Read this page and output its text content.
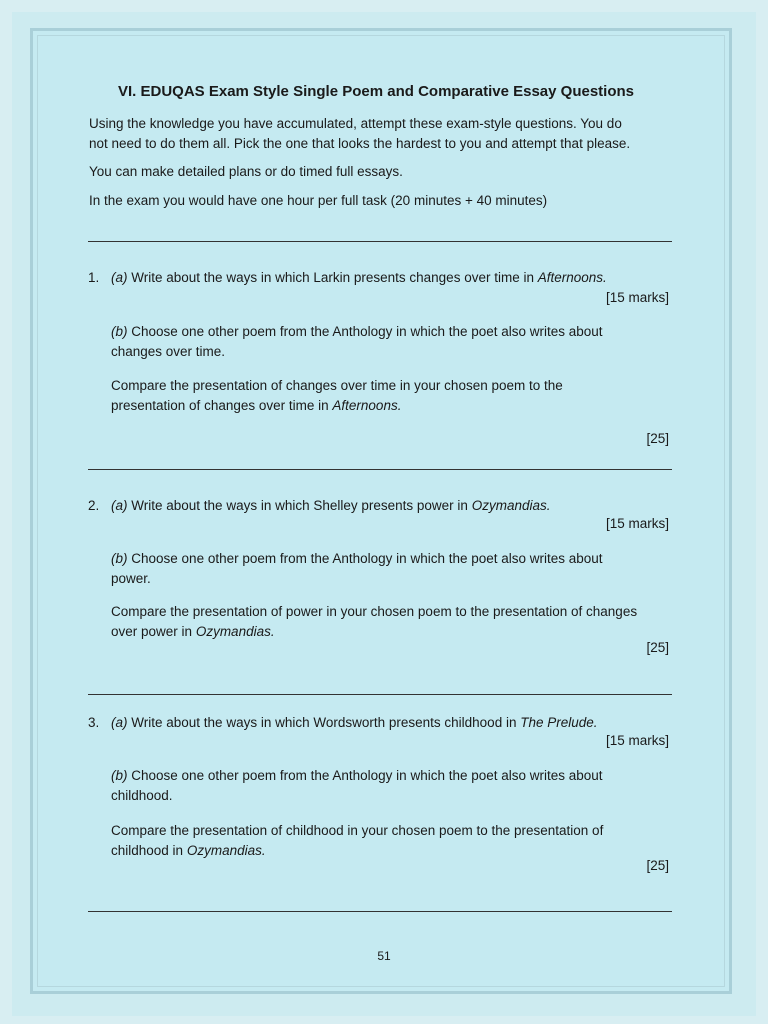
VI. EDUQAS Exam Style Single Poem and Comparative Essay Questions
Using the knowledge you have accumulated, attempt these exam-style questions. You do
not need to do them all. Pick the one that looks the hardest to you and attempt that please.
You can make detailed plans or do timed full essays.
In the exam you would have one hour per full task (20 minutes + 40 minutes)
1. (a) Write about the ways in which Larkin presents changes over time in Afternoons.
[15 marks]
(b) Choose one other poem from the Anthology in which the poet also writes about
changes over time.
Compare the presentation of changes over time in your chosen poem to the
presentation of changes over time in Afternoons.
[25]
2. (a) Write about the ways in which Shelley presents power in Ozymandias.
[15 marks]
(b) Choose one other poem from the Anthology in which the poet also writes about
power.
Compare the presentation of power in your chosen poem to the presentation of changes
over power in Ozymandias.
[25]
3. (a) Write about the ways in which Wordsworth presents childhood in The Prelude.
[15 marks]
(b) Choose one other poem from the Anthology in which the poet also writes about
childhood.
Compare the presentation of childhood in your chosen poem to the presentation of
childhood in Ozymandias.
[25]
51
